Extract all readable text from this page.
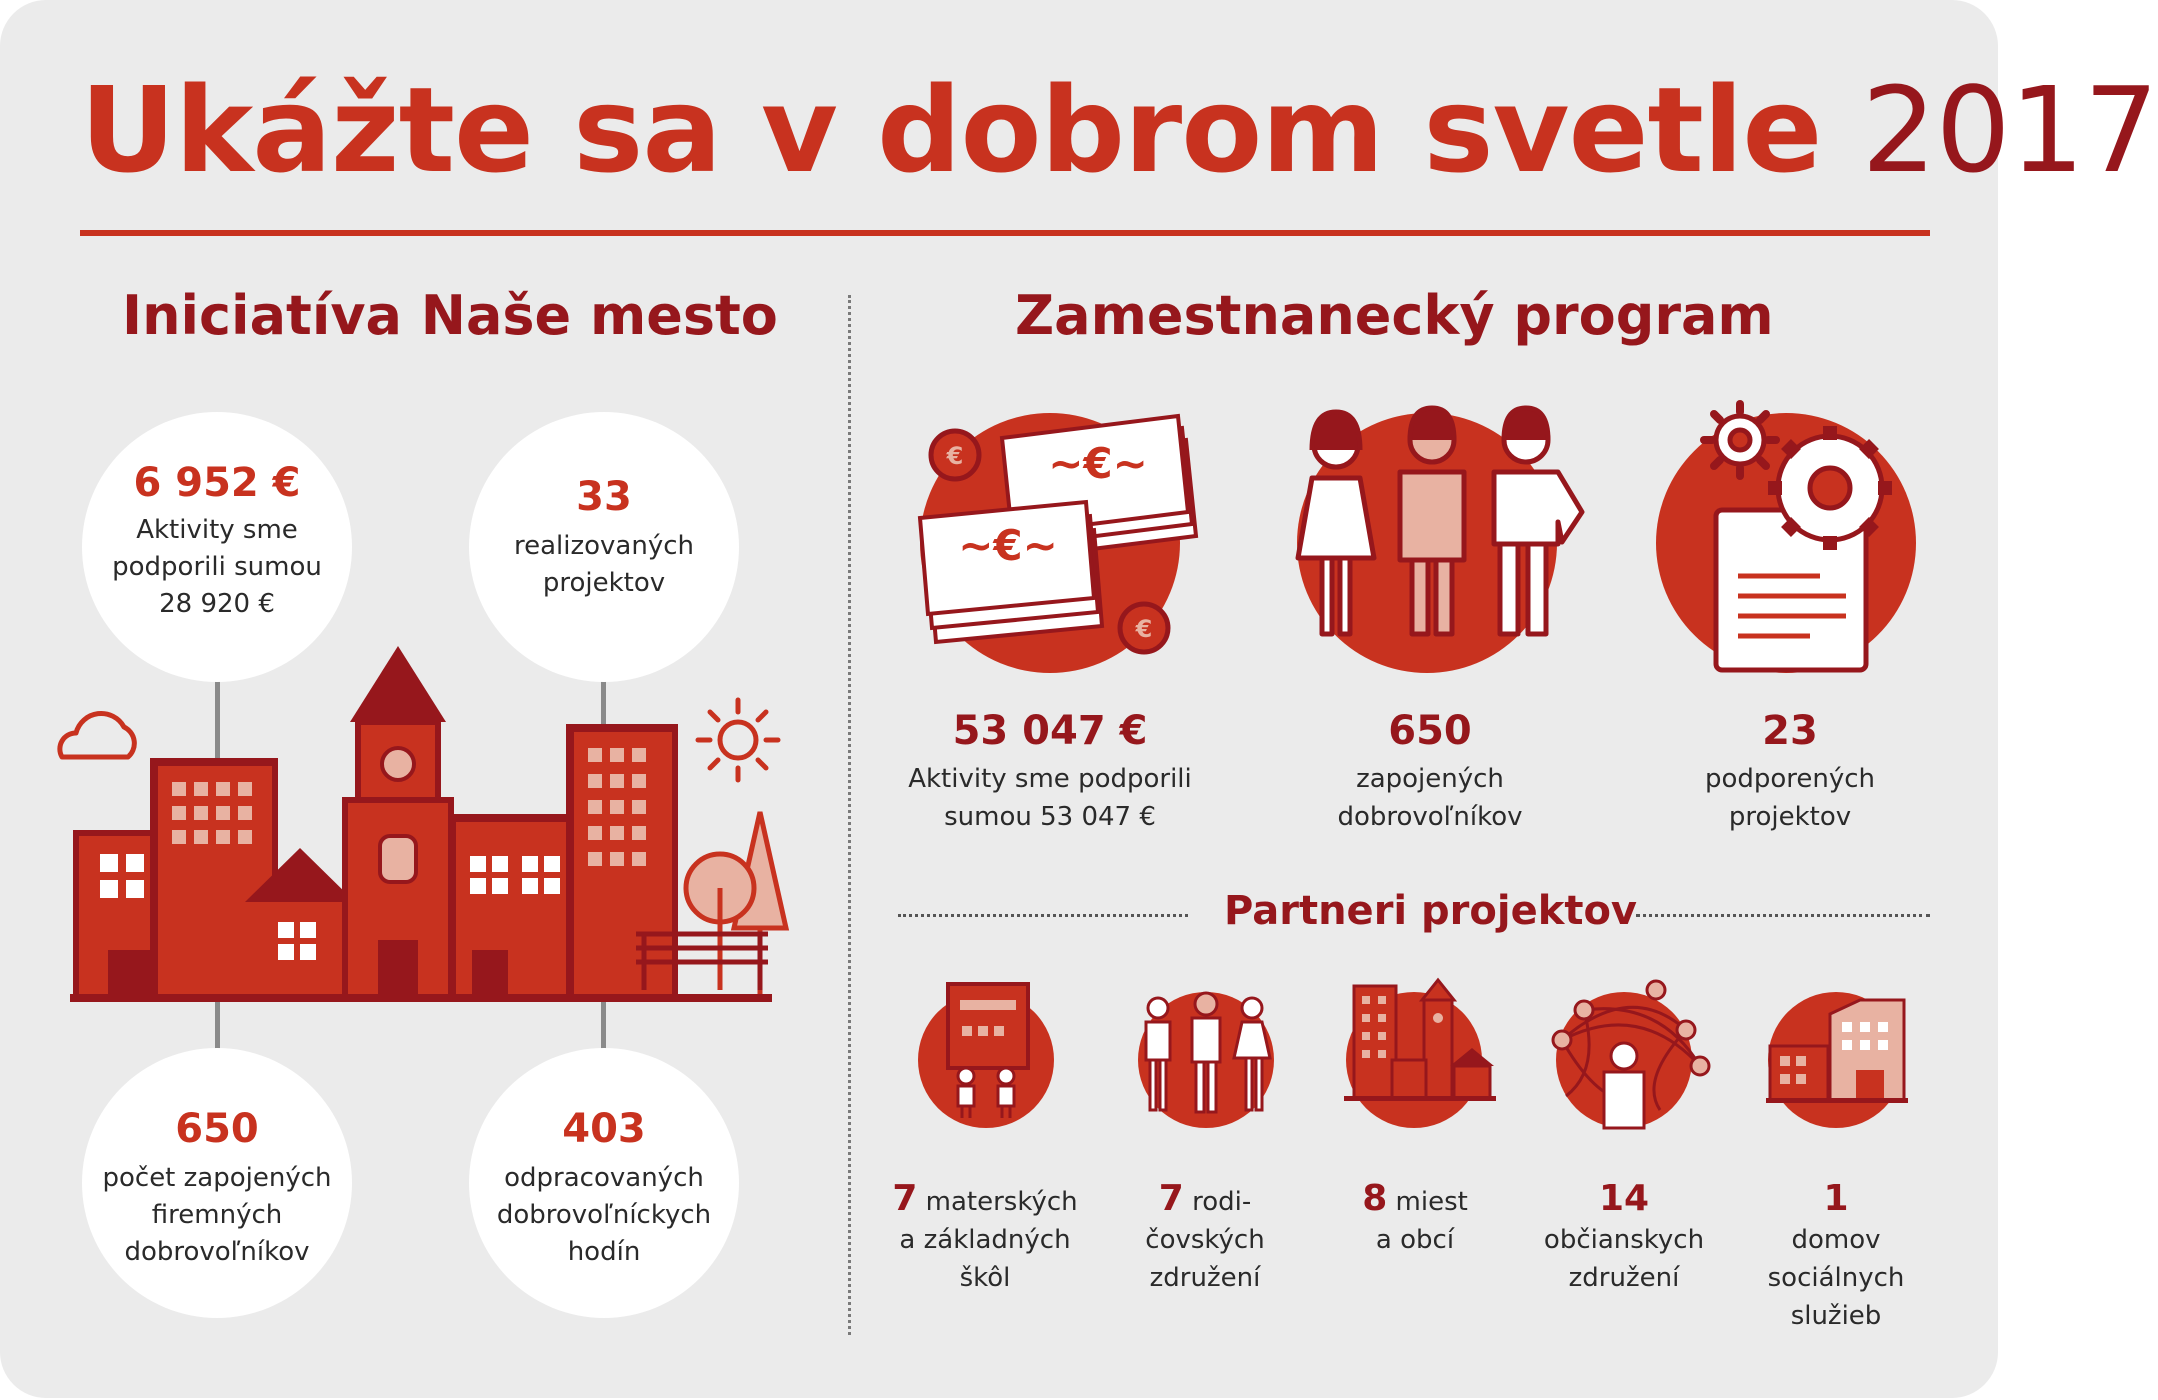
Ukážte sa v dobrom svetle 2017
Iniciatíva Naše mesto
6 952 €
Aktivity sme
podporili sumou
28 920 €
33
realizovaných
projektov
650
počet zapojených
firemných
dobrovoľníkov
403
odpracovaných
dobrovoľníckych
hodín
Zamestnanecký program
~€~
~€~
€
€
53 047 €
Aktivity sme podporili
sumou 53 047 €
650
zapojených
dobrovoľníkov
23
podporených
projektov
Partneri projektov
7 materských
a základných
škôl
7 rodi-
čovských
združení
8 miest
a obcí
14
občianskych
združení
1
domov
sociálnych
služieb
